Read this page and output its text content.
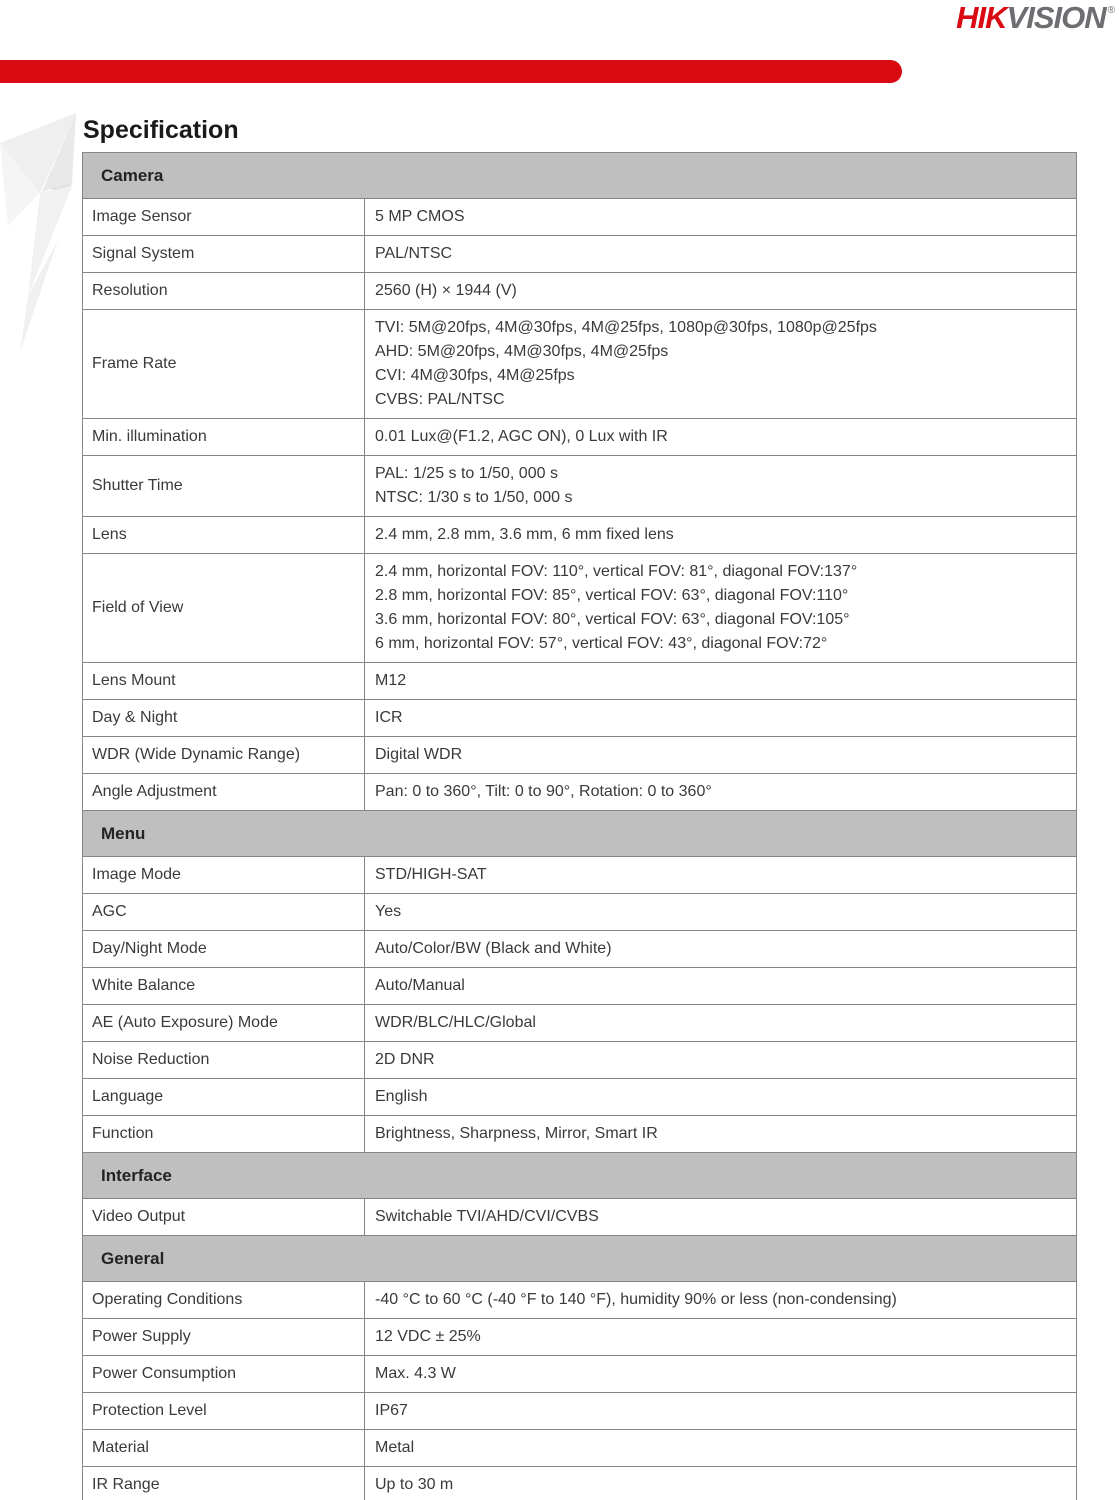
HIKVISION ®
Specification
Camera	
Image Sensor	5 MP CMOS

Signal System	PAL/NTSC

Resolution	2560 (H) × 1944 (V)

Frame Rate	TVI: 5M@20fps, 4M@30fps, 4M@25fps, 1080p@30fps, 1080p@25fps
AHD: 5M@20fps, 4M@30fps, 4M@25fps
CVI: 4M@30fps, 4M@25fps
CVBS: PAL/NTSC

Min. illumination	0.01 Lux@(F1.2, AGC ON), 0 Lux with IR

Shutter Time	PAL: 1/25 s to 1/50, 000 s
NTSC: 1/30 s to 1/50, 000 s

Lens	2.4 mm, 2.8 mm, 3.6 mm, 6 mm fixed lens

Field of View	2.4 mm, horizontal FOV: 110°, vertical FOV: 81°, diagonal FOV:137°
2.8 mm, horizontal FOV: 85°, vertical FOV: 63°, diagonal FOV:110°
3.6 mm, horizontal FOV: 80°, vertical FOV: 63°, diagonal FOV:105°
6 mm, horizontal FOV: 57°, vertical FOV: 43°, diagonal FOV:72°

Lens Mount	M12

Day & Night	ICR

WDR (Wide Dynamic Range)	Digital WDR

Angle Adjustment	Pan: 0 to 360°, Tilt: 0 to 90°, Rotation: 0 to 360°

Menu	
Image Mode	STD/HIGH-SAT

AGC	Yes

Day/Night Mode	Auto/Color/BW (Black and White)

White Balance	Auto/Manual

AE (Auto Exposure) Mode	WDR/BLC/HLC/Global

Noise Reduction	2D DNR

Language	English

Function	Brightness, Sharpness, Mirror, Smart IR

Interface	
Video Output	Switchable TVI/AHD/CVI/CVBS

General	
Operating Conditions	-40 °C to 60 °C (-40 °F to 140 °F), humidity 90% or less (non-condensing)

Power Supply	12 VDC ± 25%

Power Consumption	Max. 4.3 W

Protection Level	IP67

Material	Metal

IR Range	Up to 30 m
